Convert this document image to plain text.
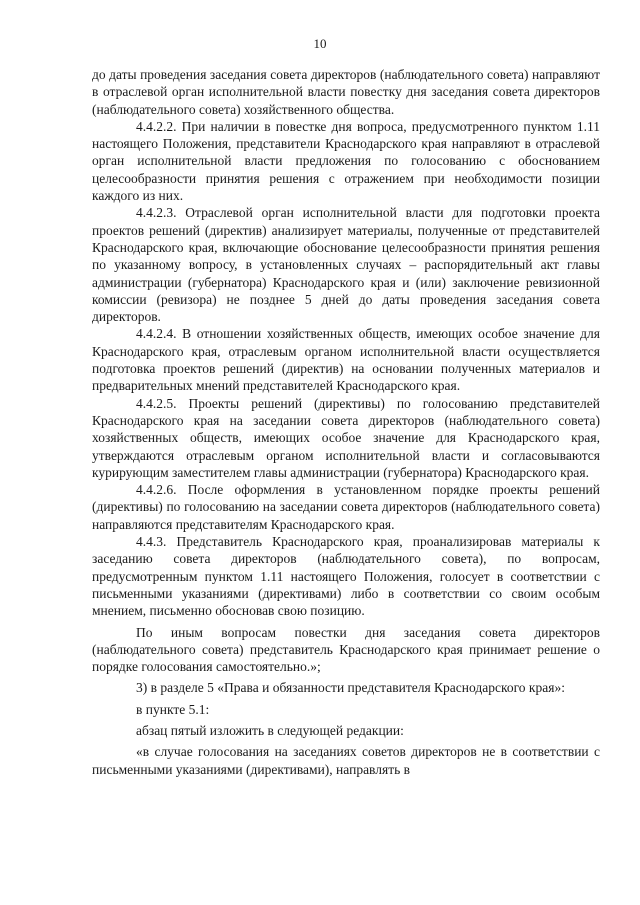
10

до даты проведения заседания совета директоров (наблюдательного совета) направляют в отраслевой орган исполнительной власти повестку дня заседания совета директоров (наблюдательного совета) хозяйственного общества.

4.4.2.2. При наличии в повестке дня вопроса, предусмотренного пунктом 1.11 настоящего Положения, представители Краснодарского края направляют в отраслевой орган исполнительной власти предложения по голосованию с обоснованием целесообразности принятия решения с отражением при необходимости позиции каждого из них.

4.4.2.3. Отраслевой орган исполнительной власти для подготовки проекта проектов решений (директив) анализирует материалы, полученные от представителей Краснодарского края, включающие обоснование целесообразности принятия решения по указанному вопросу, в установленных случаях – распорядительный акт главы администрации (губернатора) Краснодарского края и (или) заключение ревизионной комиссии (ревизора) не позднее 5 дней до даты проведения заседания совета директоров.

4.4.2.4. В отношении хозяйственных обществ, имеющих особое значение для Краснодарского края, отраслевым органом исполнительной власти осуществляется подготовка проектов решений (директив) на основании полученных материалов и предварительных мнений представителей Краснодарского края.

4.4.2.5. Проекты решений (директивы) по голосованию представителей Краснодарского края на заседании совета директоров (наблюдательного совета) хозяйственных обществ, имеющих особое значение для Краснодарского края, утверждаются отраслевым органом исполнительной власти и согласовываются курирующим заместителем главы администрации (губернатора) Краснодарского края.

4.4.2.6. После оформления в установленном порядке проекты решений (директивы) по голосованию на заседании совета директоров (наблюдательного совета) направляются представителям Краснодарского края.

4.4.3. Представитель Краснодарского края, проанализировав материалы к заседанию совета директоров (наблюдательного совета), по вопросам, предусмотренным пунктом 1.11 настоящего Положения, голосует в соответствии с письменными указаниями (директивами) либо в соответствии со своим особым мнением, письменно обосновав свою позицию.

По иным вопросам повестки дня заседания совета директоров (наблюдательного совета) представитель Краснодарского края принимает решение о порядке голосования самостоятельно.»;

3) в разделе 5 «Права и обязанности представителя Краснодарского края»:

в пункте 5.1:

абзац пятый изложить в следующей редакции:

«в случае голосования на заседаниях советов директоров не в соответствии с письменными указаниями (директивами), направлять в
